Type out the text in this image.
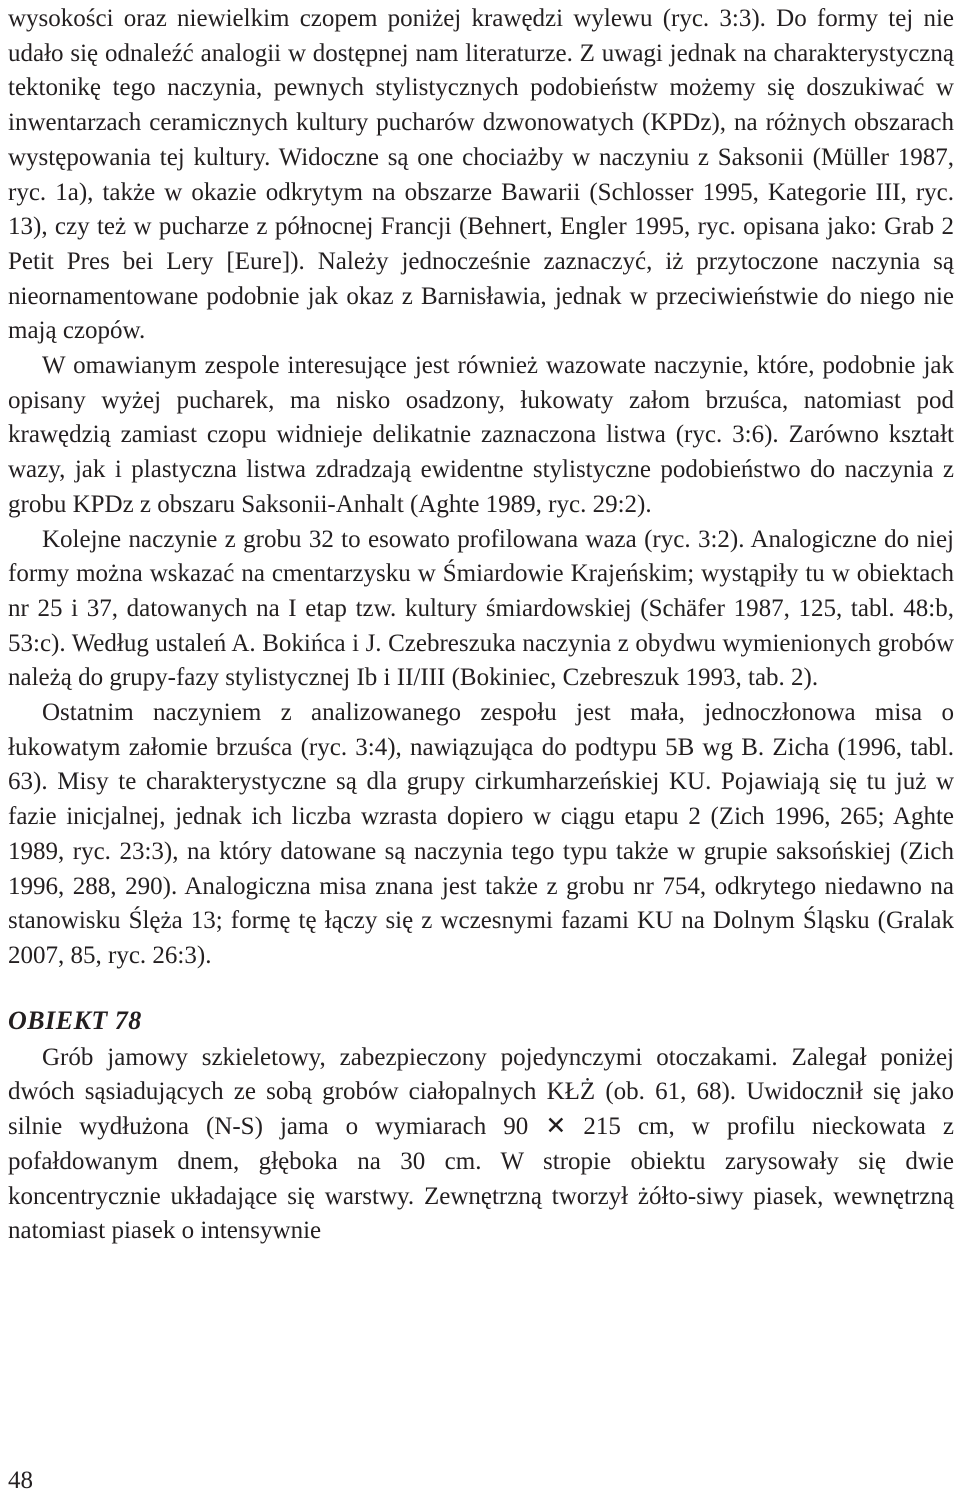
wysokości oraz niewielkim czopem poniżej krawędzi wylewu (ryc. 3:3). Do formy tej nie udało się odnaleźć analogii w dostępnej nam literaturze. Z uwagi jednak na charakterystyczną tektonikę tego naczynia, pewnych stylistycznych podobieństw możemy się doszukiwać w inwentarzach ceramicznych kultury pucharów dzwonowatych (KPDz), na różnych obszarach występowania tej kultury. Widoczne są one chociażby w naczyniu z Saksonii (Müller 1987, ryc. 1a), także w okazie odkrytym na obszarze Bawarii (Schlosser 1995, Kategorie III, ryc. 13), czy też w pucharze z północnej Francji (Behnert, Engler 1995, ryc. opisana jako: Grab 2 Petit Pres bei Lery [Eure]). Należy jednocześnie zaznaczyć, iż przytoczone naczynia są nieornamentowane podobnie jak okaz z Barnisławia, jednak w przeciwieństwie do niego nie mają czopów.

W omawianym zespole interesujące jest również wazowate naczynie, które, podobnie jak opisany wyżej pucharek, ma nisko osadzony, łukowaty załom brzuśca, natomiast pod krawędzią zamiast czopu widnieje delikatnie zaznaczona listwa (ryc. 3:6). Zarówno kształt wazy, jak i plastyczna listwa zdradzają ewidentne stylistyczne podobieństwo do naczynia z grobu KPDz z obszaru Saksonii-Anhalt (Aghte 1989, ryc. 29:2).

Kolejne naczynie z grobu 32 to esowato profilowana waza (ryc. 3:2). Analogiczne do niej formy można wskazać na cmentarzysku w Śmiardowie Krajeńskim; wystąpiły tu w obiektach nr 25 i 37, datowanych na I etap tzw. kultury śmiardowskiej (Schäfer 1987, 125, tabl. 48:b, 53:c). Według ustaleń A. Bokińca i J. Czebreszuka naczynia z obydwu wymienionych grobów należą do grupy-fazy stylistycznej Ib i II/III (Bokiniec, Czebreszuk 1993, tab. 2).

Ostatnim naczyniem z analizowanego zespołu jest mała, jednoczłonowa misa o łukowatym załomie brzuśca (ryc. 3:4), nawiązująca do podtypu 5B wg B. Zicha (1996, tabl. 63). Misy te charakterystyczne są dla grupy cirkumharzeńskiej KU. Pojawiają się tu już w fazie inicjalnej, jednak ich liczba wzrasta dopiero w ciągu etapu 2 (Zich 1996, 265; Aghte 1989, ryc. 23:3), na który datowane są naczynia tego typu także w grupie saksońskiej (Zich 1996, 288, 290). Analogiczna misa znana jest także z grobu nr 754, odkrytego niedawno na stanowisku Ślęża 13; formę tę łączy się z wczesnymi fazami KU na Dolnym Śląsku (Gralak 2007, 85, ryc. 26:3).

OBIEKT 78

Grób jamowy szkieletowy, zabezpieczony pojedynczymi otoczakami. Zalegał poniżej dwóch sąsiadujących ze sobą grobów ciałopalnych KŁŻ (ob. 61, 68). Uwidocznił się jako silnie wydłużona (N-S) jama o wymiarach 90 ✕ 215 cm, w profilu nieckowata z pofałdowanym dnem, głęboka na 30 cm. W stropie obiektu zarysowały się dwie koncentrycznie układające się warstwy. Zewnętrzną tworzył żółto-siwy piasek, wewnętrzną natomiast piasek o intensywnie

48
